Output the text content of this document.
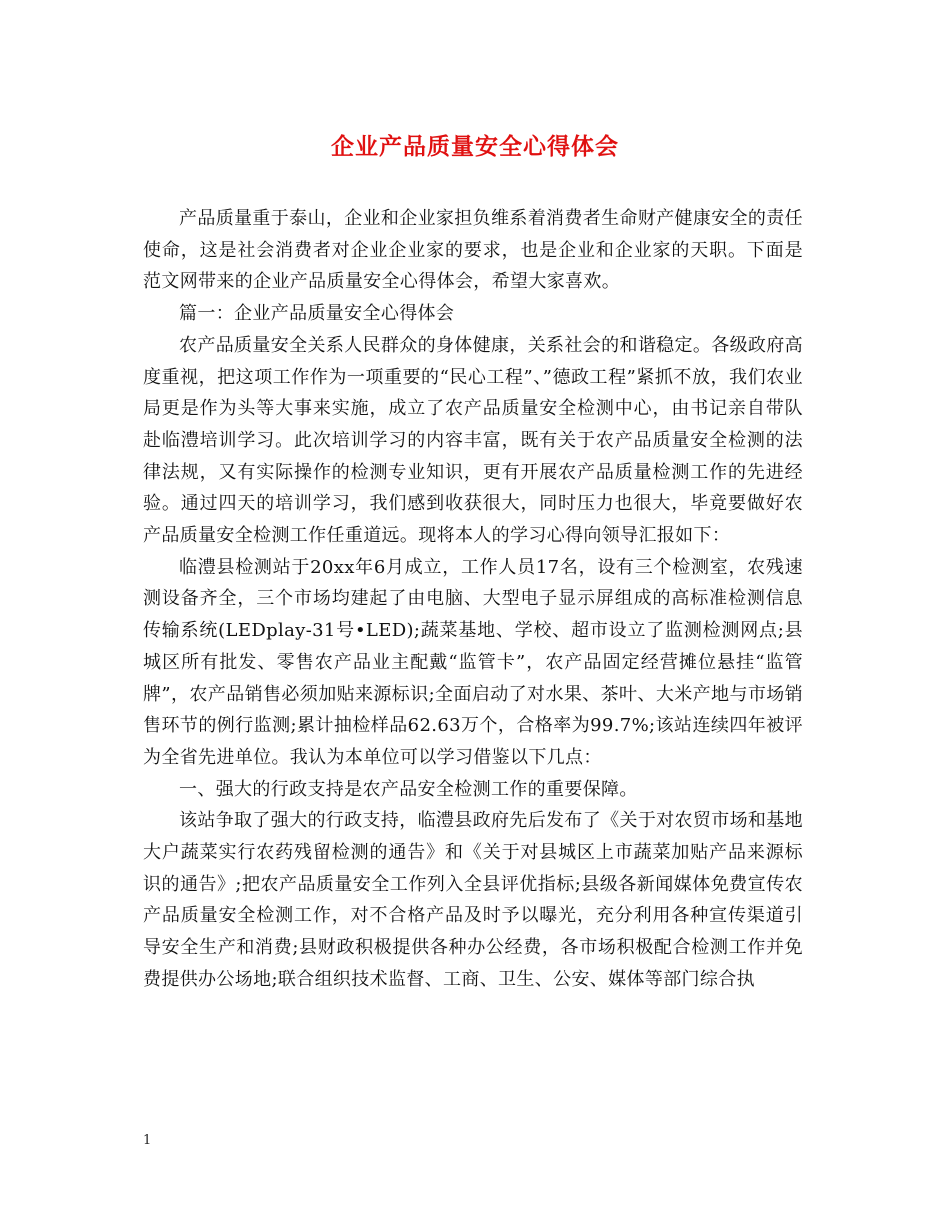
企业产品质量安全心得体会

产品质量重于泰山，企业和企业家担负维系着消费者生命财产健康安全的责任使命，这是社会消费者对企业企业家的要求，也是企业和企业家的天职。下面是范文网带来的企业产品质量安全心得体会，希望大家喜欢。

篇一：企业产品质量安全心得体会

农产品质量安全关系人民群众的身体健康，关系社会的和谐稳定。各级政府高度重视，把这项工作作为一项重要的“民心工程”、”德政工程”紧抓不放，我们农业局更是作为头等大事来实施，成立了农产品质量安全检测中心，由书记亲自带队赴临澧培训学习。此次培训学习的内容丰富，既有关于农产品质量安全检测的法律法规，又有实际操作的检测专业知识，更有开展农产品质量检测工作的先进经验。通过四天的培训学习，我们感到收获很大，同时压力也很大，毕竟要做好农产品质量安全检测工作任重道远。现将本人的学习心得向领导汇报如下：

临澧县检测站于20xx年6月成立，工作人员17名，设有三个检测室，农残速测设备齐全，三个市场均建起了由电脑、大型电子显示屏组成的高标准检测信息传输系统(LEDplay-31号•LED);蔬菜基地、学校、超市设立了监测检测网点;县城区所有批发、零售农产品业主配戴“监管卡”，农产品固定经营摊位悬挂“监管牌”，农产品销售必须加贴来源标识;全面启动了对水果、茶叶、大米产地与市场销售环节的例行监测;累计抽检样品62.63万个，合格率为99.7%;该站连续四年被评为全省先进单位。我认为本单位可以学习借鉴以下几点：

一、强大的行政支持是农产品安全检测工作的重要保障。

该站争取了强大的行政支持，临澧县政府先后发布了《关于对农贸市场和基地大户蔬菜实行农药残留检测的通告》和《关于对县城区上市蔬菜加贴产品来源标识的通告》;把农产品质量安全工作列入全县评优指标;县级各新闻媒体免费宣传农产品质量安全检测工作，对不合格产品及时予以曝光，充分利用各种宣传渠道引导安全生产和消费;县财政积极提供各种办公经费，各市场积极配合检测工作并免费提供办公场地;联合组织技术监督、工商、卫生、公安、媒体等部门综合执

1
